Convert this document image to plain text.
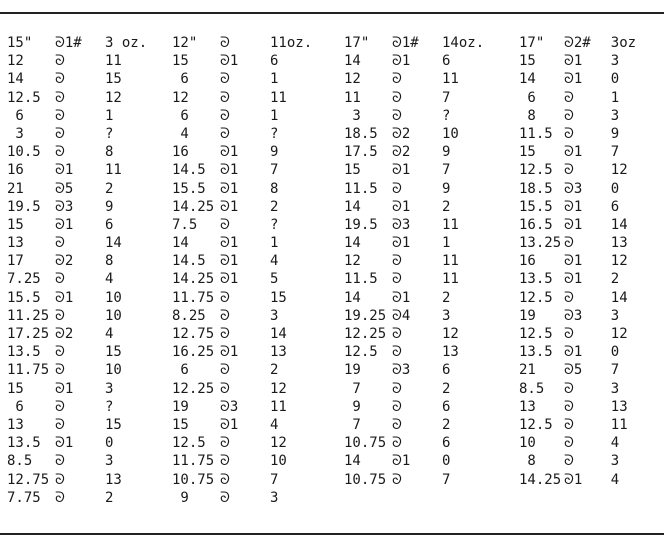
15"	ᘐ1#	3 oz.
12	ᘐ	11
14	ᘐ	15
12.5	ᘐ	12
6	ᘐ	1
3	ᘐ	?
10.5	ᘐ	8
16	ᘐ1	11
21	ᘐ5	2
19.5	ᘐ3	9
15	ᘐ1	6
13	ᘐ	14
17	ᘐ2	8
7.25	ᘐ	4
15.5	ᘐ1	10
11.25 ᘐ	10
17.25 ᘐ2	4
13.5	ᘐ	15
11.75 ᘐ	10
15	ᘐ1	3
6	ᘐ	?
13	ᘐ	15
13.5	ᘐ1	0
8.5	ᘐ	3
12.75 ᘐ	13
7.75	ᘐ	2
12"	ᘐ	11oz.
15	ᘐ1	6
6	ᘐ	1
12	ᘐ	11
6	ᘐ	1
4	ᘐ	?
16	ᘐ1	9
14.5	ᘐ1	7
15.5	ᘐ1	8
14.25 ᘐ1	2
7.5	ᘐ	?
14	ᘐ1	1
14.5	ᘐ1	4
14.25 ᘐ1	5
11.75 ᘐ	15
8.25	ᘐ	3
12.75 ᘐ	14
16.25 ᘐ1	13
6	ᘐ	2
12.25 ᘐ	12
19	ᘐ3	11
15	ᘐ1	4
12.5	ᘐ	12
11.75 ᘐ	10
10.75 ᘐ	7
9	ᘐ	3
17"	ᘐ1#	14oz.
14	ᘐ1	6
12	ᘐ	11
11	ᘐ	7
3	ᘐ	?
18.5	ᘐ2	10
17.5	ᘐ2	9
15	ᘐ1	7
11.5	ᘐ	9
14	ᘐ1	2
19.5	ᘐ3	11
14	ᘐ1	1
12	ᘐ	11
11.5	ᘐ	11
14	ᘐ1	2
19.25 ᘐ4	3
12.25 ᘐ	12
12.5	ᘐ	13
19	ᘐ3	6
7	ᘐ	2
9	ᘐ	6
7	ᘐ	2
10.75 ᘐ	6
14	ᘐ1	0
10.75 ᘐ	7
17"	ᘐ2#	3oz
15	ᘐ1	3
14	ᘐ1	0
6	ᘐ	1
8	ᘐ	3
11.5 ᘐ	9
15	ᘐ1	7
12.5 ᘐ	12
18.5 ᘐ3	0
15.5 ᘐ1	6
16.5 ᘐ1	14
13.25 ᘐ	13
16	ᘐ1	12
13.5 ᘐ1	2
12.5 ᘐ	14
19	ᘐ3	3
12.5 ᘐ	12
13.5 ᘐ1	0
21	ᘐ5	7
8.5	ᘐ	3
13	ᘐ	13
12.5 ᘐ	11
10	ᘐ	4
8	ᘐ	3
14.25 ᘐ1	4
